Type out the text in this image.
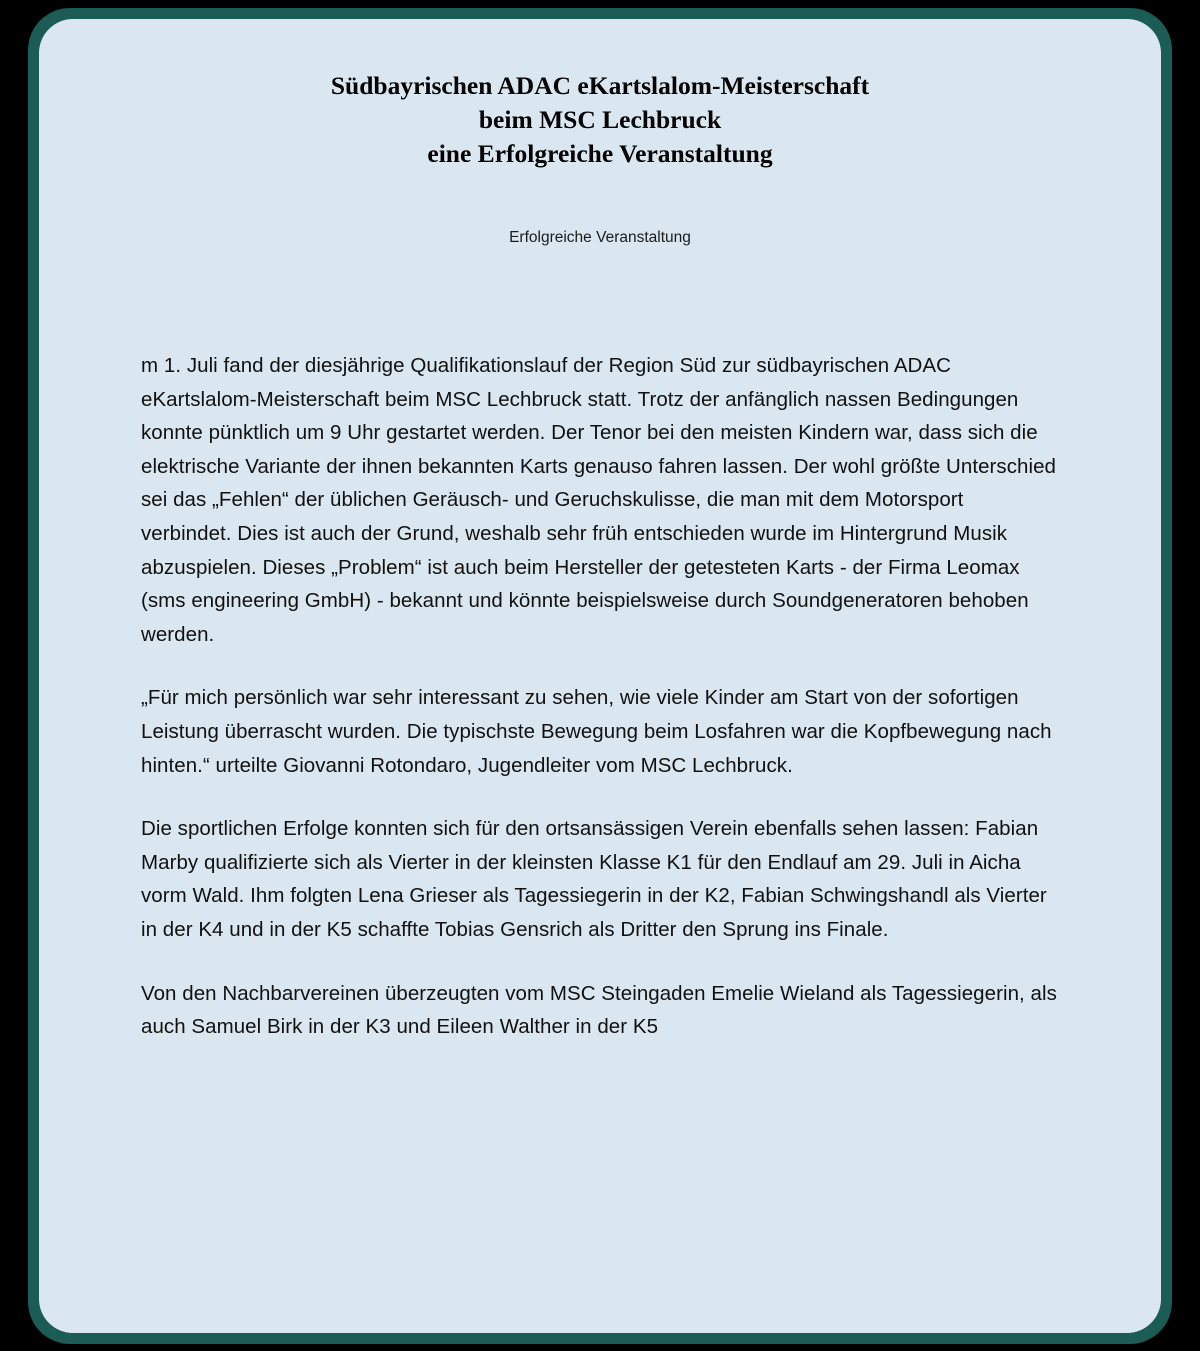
Südbayrischen ADAC eKartslalom-Meisterschaft
beim MSC Lechbruck
eine Erfolgreiche Veranstaltung
Erfolgreiche Veranstaltung

m 1. Juli fand der diesjährige Qualifikationslauf der Region Süd zur südbayrischen ADAC eKartslalom-Meisterschaft beim MSC Lechbruck statt. Trotz der anfänglich nassen Bedingungen konnte pünktlich um 9 Uhr gestartet werden. Der Tenor bei den meisten Kindern war, dass sich die elektrische Variante der ihnen bekannten Karts genauso fahren lassen. Der wohl größte Unterschied sei das „Fehlen“ der üblichen Geräusch- und Geruchskulisse, die man mit dem Motorsport verbindet. Dies ist auch der Grund, weshalb sehr früh entschieden wurde im Hintergrund Musik abzuspielen. Dieses „Problem“ ist auch beim Hersteller der getesteten Karts - der Firma Leomax (sms engineering GmbH) - bekannt und könnte beispielsweise durch Soundgeneratoren behoben werden.

„Für mich persönlich war sehr interessant zu sehen, wie viele Kinder am Start von der sofortigen Leistung überrascht wurden. Die typischste Bewegung beim Losfahren war die Kopfbewegung nach hinten.“ urteilte Giovanni Rotondaro, Jugendleiter vom MSC Lechbruck.

Die sportlichen Erfolge konnten sich für den ortsansässigen Verein ebenfalls sehen lassen: Fabian Marby qualifizierte sich als Vierter in der kleinsten Klasse K1 für den Endlauf am 29. Juli in Aicha vorm Wald. Ihm folgten Lena Grieser als Tagessiegerin in der K2, Fabian Schwingshandl als Vierter in der K4 und in der K5 schaffte Tobias Gensrich als Dritter den Sprung ins Finale.

Von den Nachbarvereinen überzeugten vom MSC Steingaden Emelie Wieland als Tagessiegerin, als auch Samuel Birk in der K3 und Eileen Walther in der K5
